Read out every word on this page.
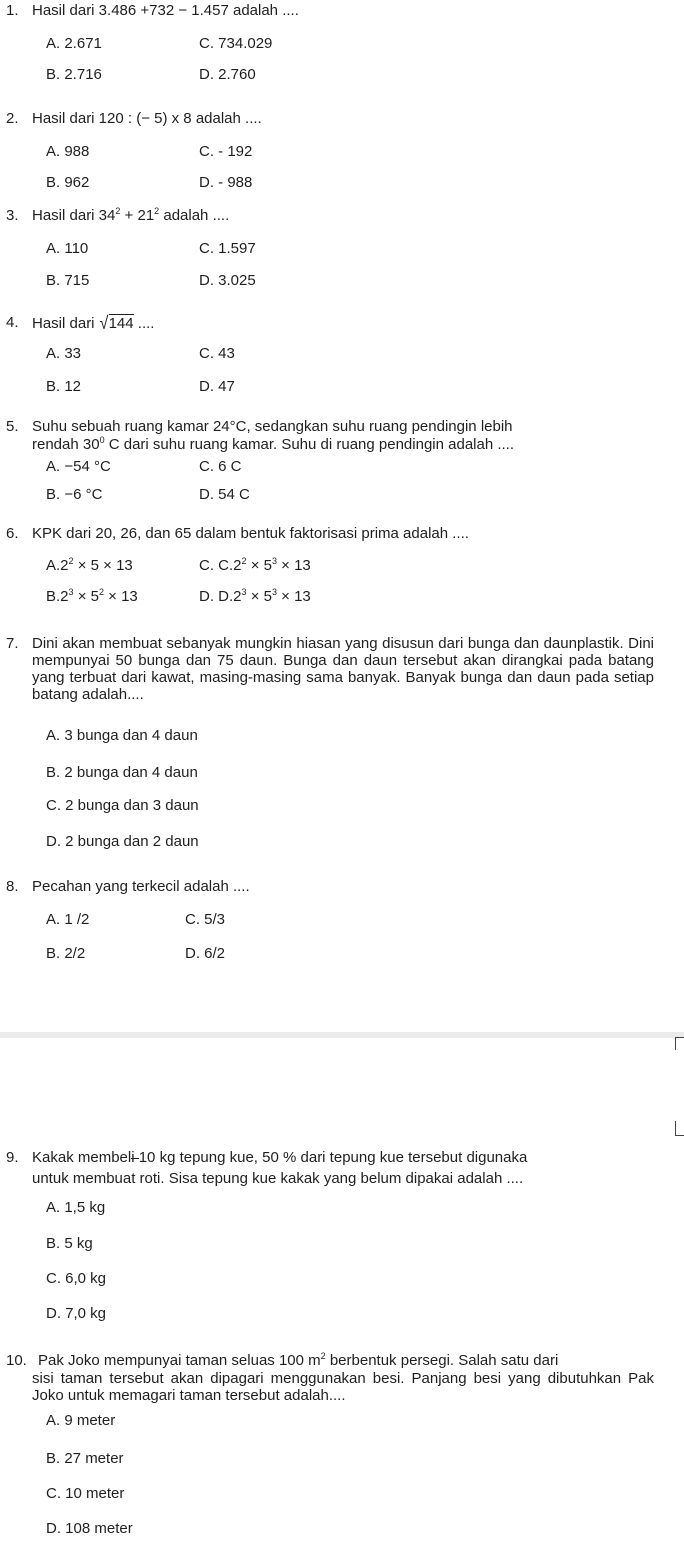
1. Hasil dari 3.486 +732 − 1.457 adalah ....
A. 2.671	C. 734.029
B. 2.716	D. 2.760
2. Hasil dari 120 : (− 5) x 8 adalah ....
A. 988	C. - 192
B. 962	D. - 988
3. Hasil dari $34^2 + 21^2$ adalah ....
A. 110	C. 1.597
B. 715	D. 3.025
4. Hasil dari √144 ....
A. 33	C. 43
B. 12	D. 47
5. Suhu sebuah ruang kamar 24°C, sedangkan suhu ruang pendingin lebih
rendah $30^0$ C dari suhu ruang kamar. Suhu di ruang pendingin adalah ....
A. −54 °C	C. 6 C
B. −6 °C	D. 54 C
6. KPK dari 20, 26, dan 65 dalam bentuk faktorisasi prima adalah ....
$A.2^2 \times 5 \times 13$	C. $C.2^2 \times 5^3 \times 13$
$B.2^3 \times 5^2 \times 13$	D. $D.2^3 \times 5^3 \times 13$
7. Dini akan membuat sebanyak mungkin hiasan yang disusun dari bunga dan daunplastik. Dini mempunyai 50 bunga dan 75 daun. Bunga dan daun tersebut akan dirangkai pada batang yang terbuat dari kawat, masing-masing sama banyak. Banyak bunga dan daun pada setiap batang adalah....
A. 3 bunga dan 4 daun
B. 2 bunga dan 4 daun
C. 2 bunga dan 3 daun
D. 2 bunga dan 2 daun
8. Pecahan yang terkecil adalah ....
A. 1 /2	C. 5/3
B. 2/2	D. 6/2
9. Kakak membeli 10 kg tepung kue, 50 % dari tepung kue tersebut digunaka
untuk membuat roti. Sisa tepung kue kakak yang belum dipakai adalah ....
A. 1,5 kg
B. 5 kg
C. 6,0 kg
D. 7,0 kg
10. Pak Joko mempunyai taman seluas 100 $m^2$ berbentuk persegi. Salah satu dari
sisi taman tersebut akan dipagari menggunakan besi. Panjang besi yang dibutuhkan Pak Joko untuk memagari taman tersebut adalah....
A. 9 meter
B. 27 meter
C. 10 meter
D. 108 meter
